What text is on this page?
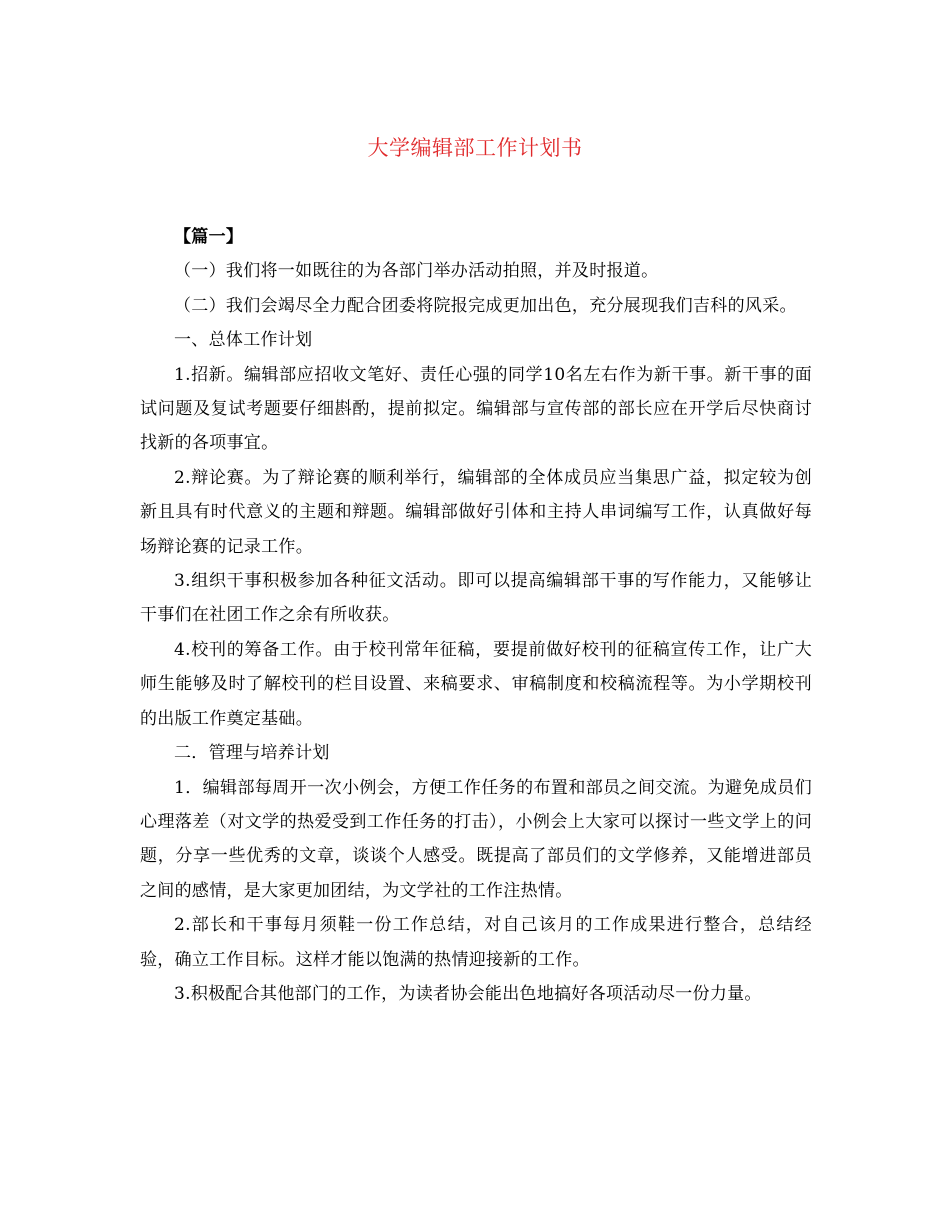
大学编辑部工作计划书

【篇一】

（一）我们将一如既往的为各部门举办活动拍照，并及时报道。

（二）我们会竭尽全力配合团委将院报完成更加出色，充分展现我们吉科的风采。

一、总体工作计划

1.招新。编辑部应招收文笔好、责任心强的同学10名左右作为新干事。新干事的面试问题及复试考题要仔细斟酌，提前拟定。编辑部与宣传部的部长应在开学后尽快商讨找新的各项事宜。

2.辩论赛。为了辩论赛的顺利举行，编辑部的全体成员应当集思广益，拟定较为创新且具有时代意义的主题和辩题。编辑部做好引体和主持人串词编写工作，认真做好每场辩论赛的记录工作。

3.组织干事积极参加各种征文活动。即可以提高编辑部干事的写作能力，又能够让干事们在社团工作之余有所收获。

4.校刊的筹备工作。由于校刊常年征稿，要提前做好校刊的征稿宣传工作，让广大师生能够及时了解校刊的栏目设置、来稿要求、审稿制度和校稿流程等。为小学期校刊的出版工作奠定基础。

二．管理与培养计划

1．编辑部每周开一次小例会，方便工作任务的布置和部员之间交流。为避免成员们心理落差（对文学的热爱受到工作任务的打击），小例会上大家可以探讨一些文学上的问题，分享一些优秀的文章，谈谈个人感受。既提高了部员们的文学修养，又能增进部员之间的感情，是大家更加团结，为文学社的工作注热情。

2.部长和干事每月须鞋一份工作总结，对自己该月的工作成果进行整合，总结经验，确立工作目标。这样才能以饱满的热情迎接新的工作。

3.积极配合其他部门的工作，为读者协会能出色地搞好各项活动尽一份力量。
